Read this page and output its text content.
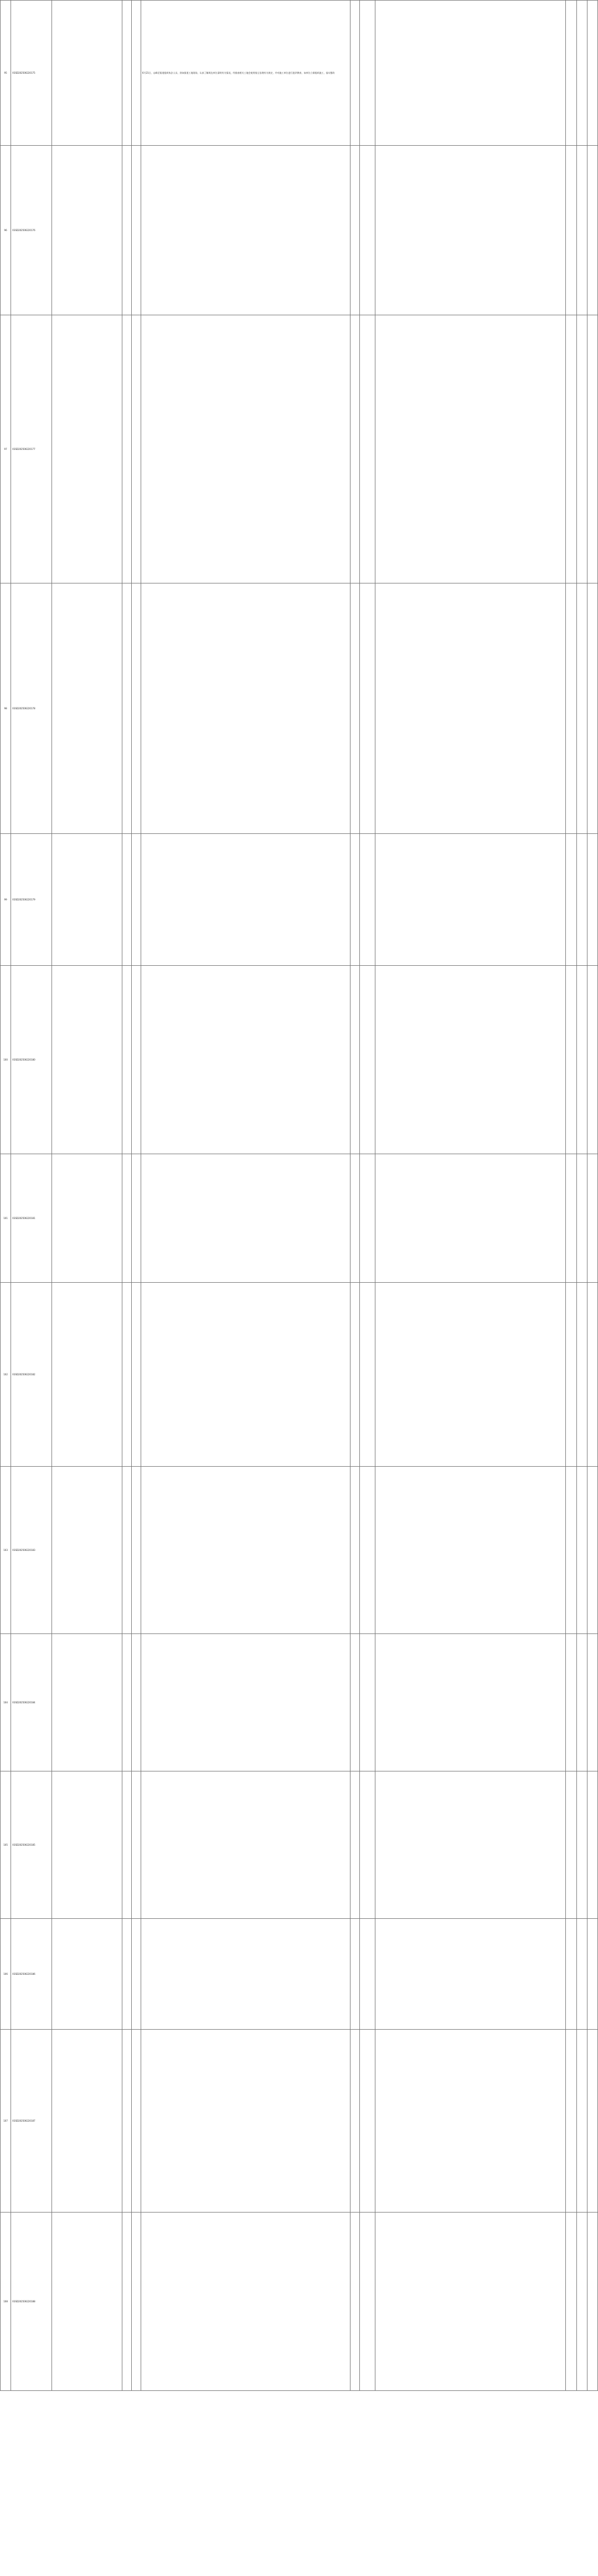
95	X3SD202506220175				6月21日，山峰至街道组织执法人员、到该街道工地现场，认真了解周边单位清明有关情况，经排查相关工地会使用扬尘治理有关规定，并对施工单位进行批评教育，该单位立即组织施工，落实整改						
96	X3SD202506220176										
97	X3SD202506220177										
98	X3SD202506220178										
99	X3SD202506220179										
100	X3SD202506220180										
101	X3SD202506220181										
102	X3SD202506220182										
103	X3SD202506220183										
104	X3SD202506220184										
105	X3SD202506220185										
106	X3SD202506220186										
107	X3SD202506220187										
108	X3SD202506220188										
